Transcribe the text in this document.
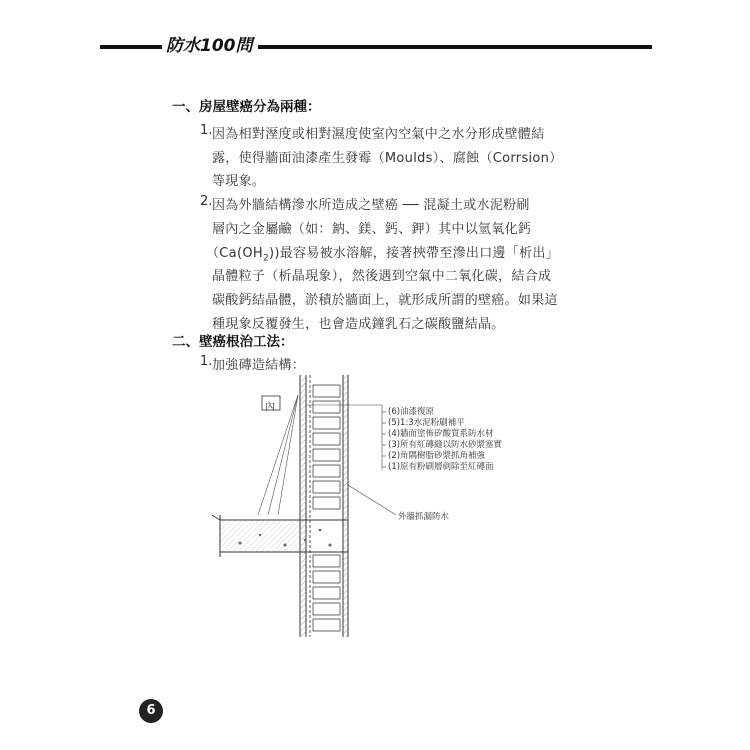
防水100問
一、房屋壁癌分為兩種：
1. 因為相對溼度或相對濕度使室內空氣中之水分形成壁體結
露，使得牆面油漆產生發霉（Moulds）、腐蝕（Corrsion）
等現象。
2. 因為外牆結構滲水所造成之壁癌 ── 混凝土或水泥粉刷
層內之金屬鹼（如：鈉、鎂、鈣、鉀）其中以氫氧化鈣
$(Ca(OH_2))$最容易被水溶解，接著挾帶至滲出口邊「析出」
晶體粒子（析晶現象），然後遇到空氣中二氧化碳，結合成
碳酸鈣結晶體，淤積於牆面上，就形成所謂的壁癌。如果這
種現象反覆發生，也會造成鐘乳石之碳酸鹽結晶。
二、壁癌根治工法：
1. 加強磚造結構：
內	(6)油漆復原
(5)1:3水泥粉刷補平
(4)牆面塗佈矽酸質系防水材
(3)所有紅磚縫以防水砂漿塞實
(2)角隅樹脂砂漿抓角補強
(1)原有粉刷層剷除至紅磚面
外牆抓漏防水
6
